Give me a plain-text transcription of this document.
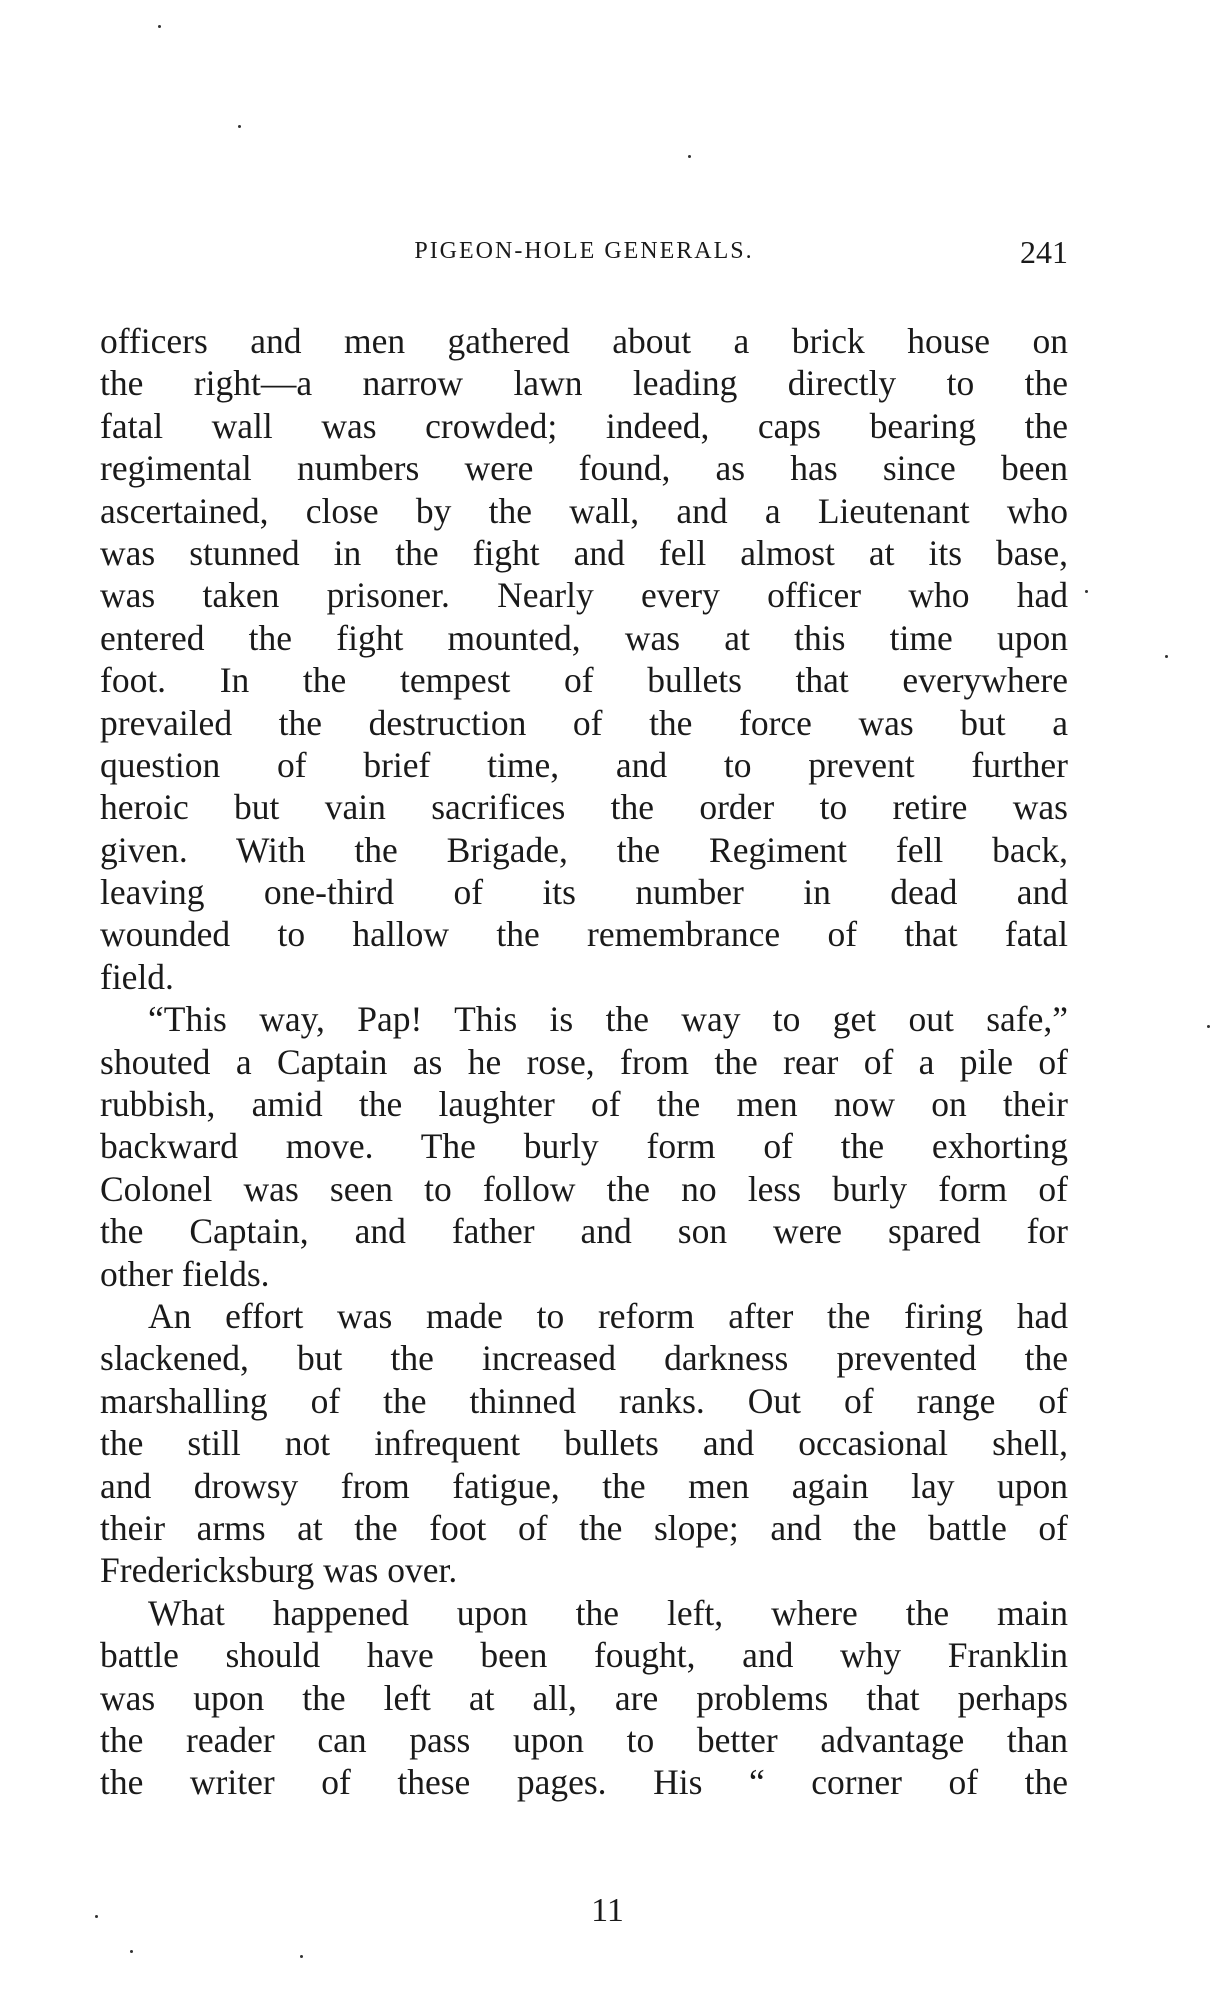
PIGEON-HOLE GENERALS.	241
officers and men gathered about a brick house on
the right—a narrow lawn leading directly to the
fatal wall was crowded; indeed, caps bearing the
regimental numbers were found, as has since been
ascertained, close by the wall, and a Lieutenant who
was stunned in the fight and fell almost at its base,
was taken prisoner. Nearly every officer who had
entered the fight mounted, was at this time upon
foot. In the tempest of bullets that everywhere
prevailed the destruction of the force was but a
question of brief time, and to prevent further
heroic but vain sacrifices the order to retire was
given. With the Brigade, the Regiment fell back,
leaving one-third of its number in dead and
wounded to hallow the remembrance of that fatal
field.
“This way, Pap! This is the way to get out safe,”
shouted a Captain as he rose, from the rear of a pile of
rubbish, amid the laughter of the men now on their
backward move. The burly form of the exhorting
Colonel was seen to follow the no less burly form of
the Captain, and father and son were spared for
other fields.
An effort was made to reform after the firing had
slackened, but the increased darkness prevented the
marshalling of the thinned ranks. Out of range of
the still not infrequent bullets and occasional shell,
and drowsy from fatigue, the men again lay upon
their arms at the foot of the slope; and the battle of
Fredericksburg was over.
What happened upon the left, where the main
battle should have been fought, and why Franklin
was upon the left at all, are problems that perhaps
the reader can pass upon to better advantage than
the writer of these pages. His “ corner of the
11
